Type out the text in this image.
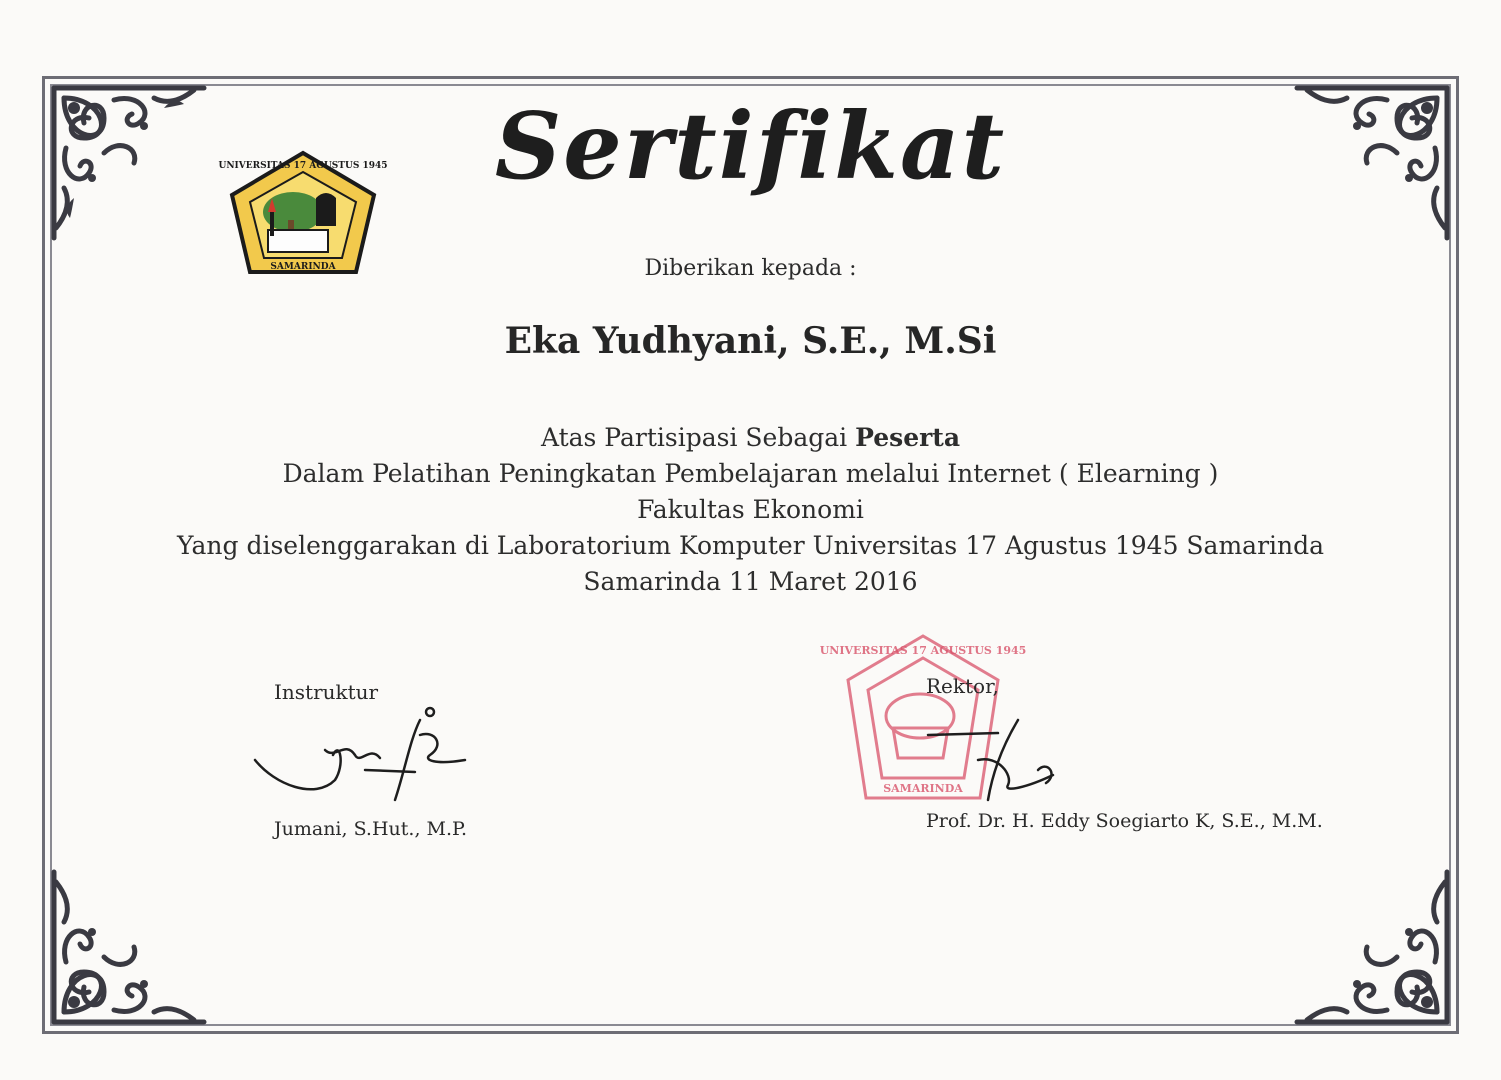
UNIVERSITAS 17 AGUSTUS 1945
SAMARINDA
Sertifikat
Diberikan kepada :
Eka Yudhyani, S.E., M.Si
Atas Partisipasi Sebagai Peserta
Dalam Pelatihan Peningkatan Pembelajaran melalui Internet ( Elearning )
Fakultas Ekonomi
Yang diselenggarakan di Laboratorium Komputer Universitas 17 Agustus 1945 Samarinda
Samarinda 11 Maret 2016
UNIVERSITAS 17 AGUSTUS 1945
SAMARINDA
Instruktur
Jumani, S.Hut., M.P.
Rektor,
Prof. Dr. H. Eddy Soegiarto K, S.E., M.M.
